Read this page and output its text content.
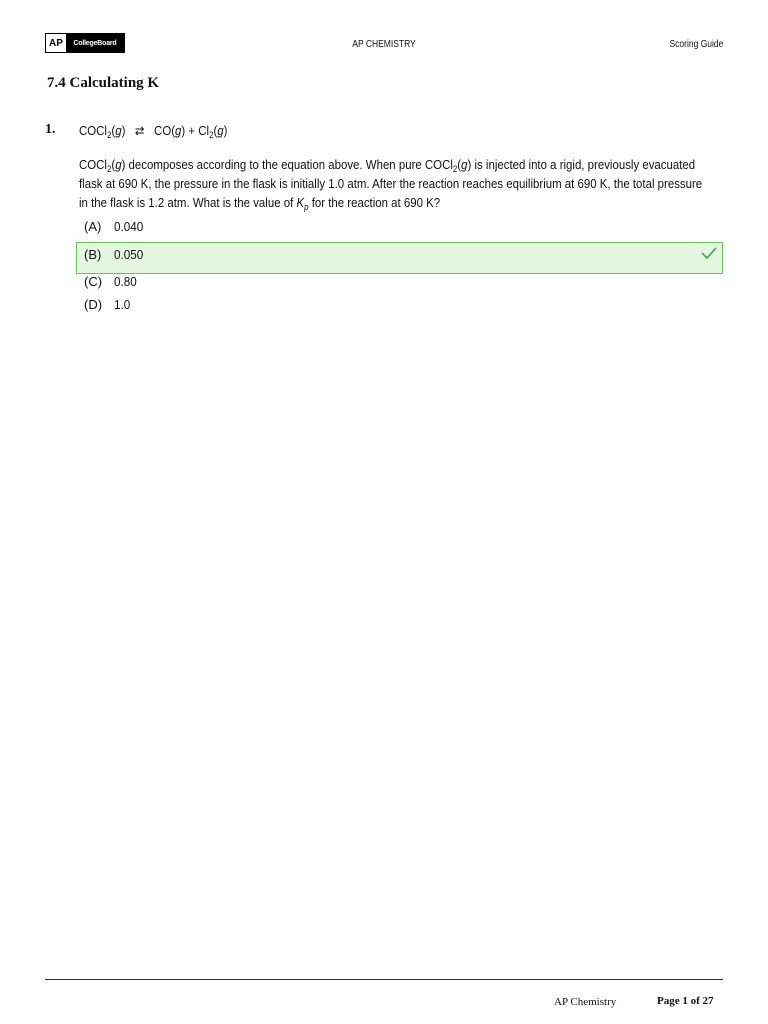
AP	CollegeBoard	AP CHEMISTRY	Scoring Guide
7.4 Calculating K
1. COCl$_2$(g)   ⇄ $CO(g) + Cl_2(g)$
COCl$_2$(g) decomposes according to the equation above. When pure COCl$_2$(g) is injected into a rigid, previously evacuated flask at 690 K, the pressure in the flask is initially 1.0 atm. After the reaction reaches equilibrium at 690 K, the total pressure in the flask is 1.2 atm. What is the value of $K_p$ for the reaction at 690 K?
(A) 0.040
(B) 0.050
(C) 0.80
(D) 1.0
AP Chemistry	Page 1 of 27
